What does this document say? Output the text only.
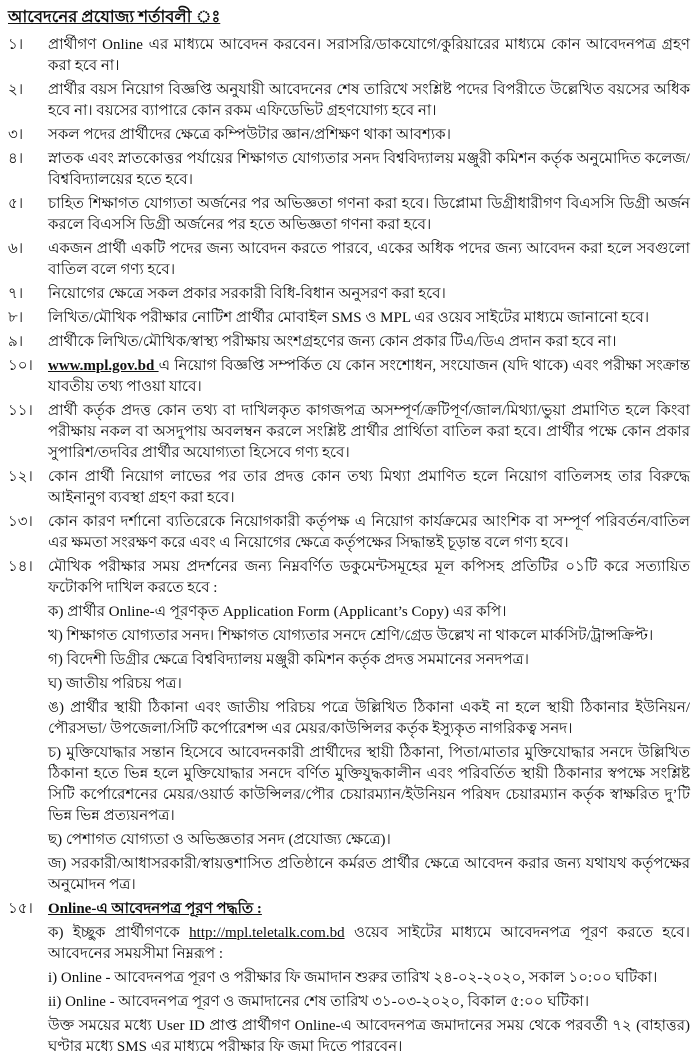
আবেদনের প্রযোজ্য শর্তাবলী ঃ
১।	প্রার্থীগণ Online এর মাধ্যমে আবেদন করবেন। সরাসরি/ডাকযোগে/কুরিয়ারের মাধ্যমে কোন আবেদনপত্র গ্রহণ করা হবে না।

২।	প্রার্থীর বয়স নিয়োগ বিজ্ঞপ্তি অনুযায়ী আবেদনের শেষ তারিখে সংশ্লিষ্ট পদের বিপরীতে উল্লেখিত বয়সের অধিক হবে না। বয়সের ব্যাপারে কোন রকম এফিডেভিট গ্রহণযোগ্য হবে না।

৩।	সকল পদের প্রার্থীদের ক্ষেত্রে কম্পিউটার জ্ঞান/প্রশিক্ষণ থাকা আবশ্যক।

৪।	স্নাতক এবং স্নাতকোত্তর পর্যায়ের শিক্ষাগত যোগ্যতার সনদ বিশ্ববিদ্যালয় মঞ্জুরী কমিশন কর্তৃক অনুমোদিত কলেজ/বিশ্ববিদ্যালয়ের হতে হবে।

৫।	চাহিত শিক্ষাগত যোগ্যতা অর্জনের পর অভিজ্ঞতা গণনা করা হবে। ডিপ্লোমা ডিগ্রীধারীগণ বিএসসি ডিগ্রী অর্জন করলে বিএসসি ডিগ্রী অর্জনের পর হতে অভিজ্ঞতা গণনা করা হবে।

৬।	একজন প্রার্থী একটি পদের জন্য আবেদন করতে পারবে, একের অধিক পদের জন্য আবেদন করা হলে সবগুলো বাতিল বলে গণ্য হবে।

৭।	নিয়োগের ক্ষেত্রে সকল প্রকার সরকারী বিধি-বিধান অনুসরণ করা হবে।

৮।	লিখিত/মৌখিক পরীক্ষার নোটিশ প্রার্থীর মোবাইল SMS ও MPL এর ওয়েব সাইটের মাধ্যমে জানানো হবে।

৯।	প্রার্থীকে লিখিত/মৌখিক/স্বাস্থ্য পরীক্ষায় অংশগ্রহণের জন্য কোন প্রকার টিএ/ডিএ প্রদান করা হবে না।

১০।	www.mpl.gov.bd এ নিয়োগ বিজ্ঞপ্তি সম্পর্কিত যে কোন সংশোধন, সংযোজন (যদি থাকে) এবং পরীক্ষা সংক্রান্ত যাবতীয় তথ্য পাওয়া যাবে।

১১।	প্রার্থী কর্তৃক প্রদত্ত কোন তথ্য বা দাখিলকৃত কাগজপত্র অসম্পূর্ণ/ক্রটিপূর্ণ/জাল/মিথ্যা/ভুয়া প্রমাণিত হলে কিংবা পরীক্ষায় নকল বা অসদুপায় অবলম্বন করলে সংশ্লিষ্ট প্রার্থীর প্রার্থিতা বাতিল করা হবে। প্রার্থীর পক্ষে কোন প্রকার সুপারিশ/তদবির প্রার্থীর অযোগ্যতা হিসেবে গণ্য হবে।

১২।	কোন প্রার্থী নিয়োগ লাভের পর তার প্রদত্ত কোন তথ্য মিথ্যা প্রমাণিত হলে নিয়োগ বাতিলসহ তার বিরুদ্ধে আইনানুগ ব্যবস্থা গ্রহণ করা হবে।

১৩।	কোন কারণ দর্শানো ব্যতিরেকে নিয়োগকারী কর্তৃপক্ষ এ নিয়োগ কার্যক্রমের আংশিক বা সম্পূর্ণ পরিবর্তন/বাতিল এর ক্ষমতা সংরক্ষণ করে এবং এ নিয়োগের ক্ষেত্রে কর্তৃপক্ষের সিদ্ধান্তই চূড়ান্ত বলে গণ্য হবে।

১৪।	মৌখিক পরীক্ষার সময় প্রদর্শনের জন্য নিম্নবর্ণিত ডকুমেন্টসমূহের মূল কপিসহ প্রতিটির ০১টি করে সত্যায়িত ফটোকপি দাখিল করতে হবে :

ক) প্রার্থীর Online-এ পূরণকৃত Application Form (Applicant’s Copy) এর কপি।

খ) শিক্ষাগত যোগ্যতার সনদ। শিক্ষাগত যোগ্যতার সনদে শ্রেণি/গ্রেড উল্লেখ না থাকলে মার্কসিট/ট্রান্সক্রিপ্ট।

গ) বিদেশী ডিগ্রীর ক্ষেত্রে বিশ্ববিদ্যালয় মঞ্জুরী কমিশন কর্তৃক প্রদত্ত সমমানের সনদপত্র।

ঘ) জাতীয় পরিচয় পত্র।

ঙ) প্রার্থীর স্থায়ী ঠিকানা এবং জাতীয় পরিচয় পত্রে উল্লিখিত ঠিকানা একই না হলে স্থায়ী ঠিকানার ইউনিয়ন/ পৌরসভা/ উপজেলা/সিটি কর্পোরেশন্স এর মেয়র/কাউন্সিলর কর্তৃক ইস্যুকৃত নাগরিকত্ব সনদ।

চ) মুক্তিযোদ্ধার সন্তান হিসেবে আবেদনকারী প্রার্থীদের স্থায়ী ঠিকানা, পিতা/মাতার মুক্তিযোদ্ধার সনদে উল্লিখিত ঠিকানা হতে ভিন্ন হলে মুক্তিযোদ্ধার সনদে বর্ণিত মুক্তিযুদ্ধকালীন এবং পরিবর্তিত স্থায়ী ঠিকানার স্বপক্ষে সংশ্লিষ্ট সিটি কর্পোরেশনের মেয়র/ওয়ার্ড কাউন্সিলর/পৌর চেয়ারম্যান/ইউনিয়ন পরিষদ চেয়ারম্যান কর্তৃক স্বাক্ষরিত দু’টি ভিন্ন ভিন্ন প্রত্যয়নপত্র।

ছ) পেশাগত যোগ্যতা ও অভিজ্ঞতার সনদ (প্রযোজ্য ক্ষেত্রে)।

জ) সরকারী/আধাসরকারী/স্বায়ত্তশাসিত প্রতিষ্ঠানে কর্মরত প্রার্থীর ক্ষেত্রে আবেদন করার জন্য যথাযথ কর্তৃপক্ষের অনুমোদন পত্র।

১৫।	Online-এ আবেদনপত্র পূরণ পদ্ধতি :

ক) ইচ্ছুক প্রার্থীগণকে http://mpl.teletalk.com.bd ওয়েব সাইটের মাধ্যমে আবেদনপত্র পূরণ করতে হবে। আবেদনের সময়সীমা নিম্নরূপ :

i) Online - আবেদনপত্র পূরণ ও পরীক্ষার ফি জমাদান শুরুর তারিখ ২৪-০২-২০২০, সকাল ১০:০০ ঘটিকা।

ii) Online - আবেদনপত্র পূরণ ও জমাদানের শেষ তারিখ ৩১-০৩-২০২০, বিকাল ৫:০০ ঘটিকা।

উক্ত সময়ের মধ্যে User ID প্রাপ্ত প্রার্থীগণ Online-এ আবেদনপত্র জমাদানের সময় থেকে পরবর্তী ৭২ (বাহাত্তর) ঘণ্টার মধ্যে SMS এর মাধ্যমে পরীক্ষার ফি জমা দিতে পারবেন।
